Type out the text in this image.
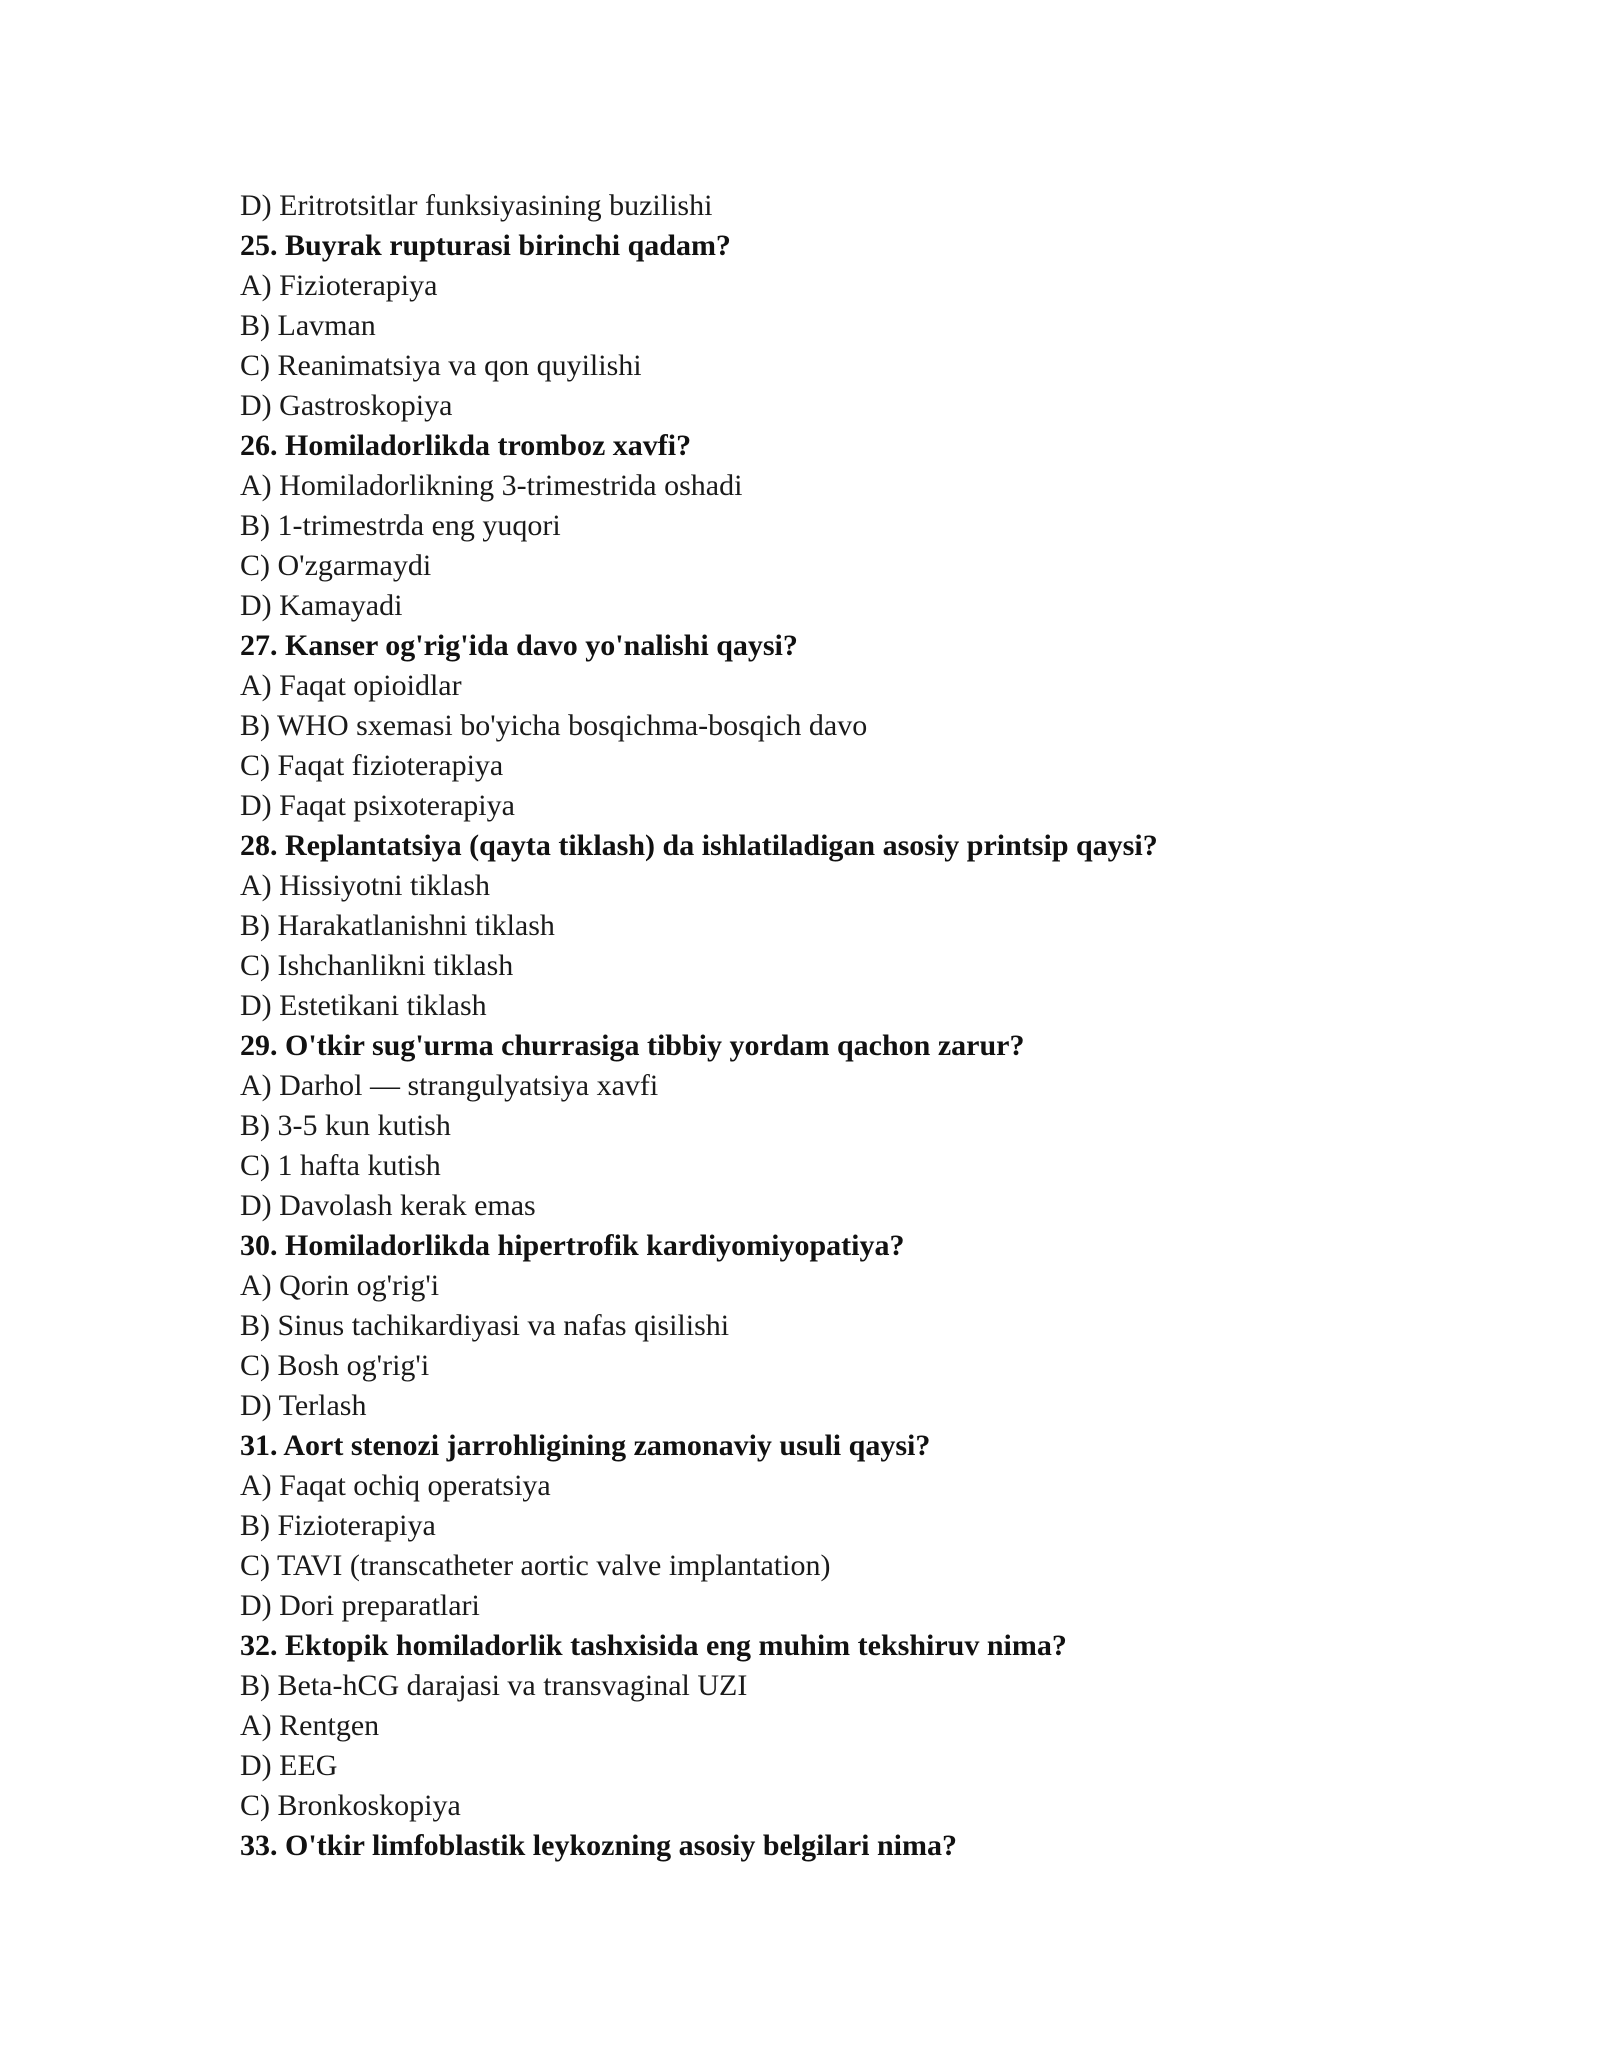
D) Eritrotsitlar funksiyasining buzilishi
25. Buyrak rupturasi birinchi qadam?
A) Fizioterapiya
B) Lavman
C) Reanimatsiya va qon quyilishi
D) Gastroskopiya
26. Homiladorlikda tromboz xavfi?
A) Homiladorlikning 3-trimestrida oshadi
B) 1-trimestrda eng yuqori
C) O'zgarmaydi
D) Kamayadi
27. Kanser og'rig'ida davo yo'nalishi qaysi?
A) Faqat opioidlar
B) WHO sxemasi bo'yicha bosqichma-bosqich davo
C) Faqat fizioterapiya
D) Faqat psixoterapiya
28. Replantatsiya (qayta tiklash) da ishlatiladigan asosiy printsip qaysi?
A) Hissiyotni tiklash
B) Harakatlanishni tiklash
C) Ishchanlikni tiklash
D) Estetikani tiklash
29. O'tkir sug'urma churrasiga tibbiy yordam qachon zarur?
A) Darhol — strangulyatsiya xavfi
B) 3-5 kun kutish
C) 1 hafta kutish
D) Davolash kerak emas
30. Homiladorlikda hipertrofik kardiyomiyopatiya?
A) Qorin og'rig'i
B) Sinus tachikardiyasi va nafas qisilishi
C) Bosh og'rig'i
D) Terlash
31. Aort stenozi jarrohligining zamonaviy usuli qaysi?
A) Faqat ochiq operatsiya
B) Fizioterapiya
C) TAVI (transcatheter aortic valve implantation)
D) Dori preparatlari
32. Ektopik homiladorlik tashxisida eng muhim tekshiruv nima?
B) Beta-hCG darajasi va transvaginal UZI
A) Rentgen
D) EEG
C) Bronkoskopiya
33. O'tkir limfoblastik leykozning asosiy belgilari nima?
